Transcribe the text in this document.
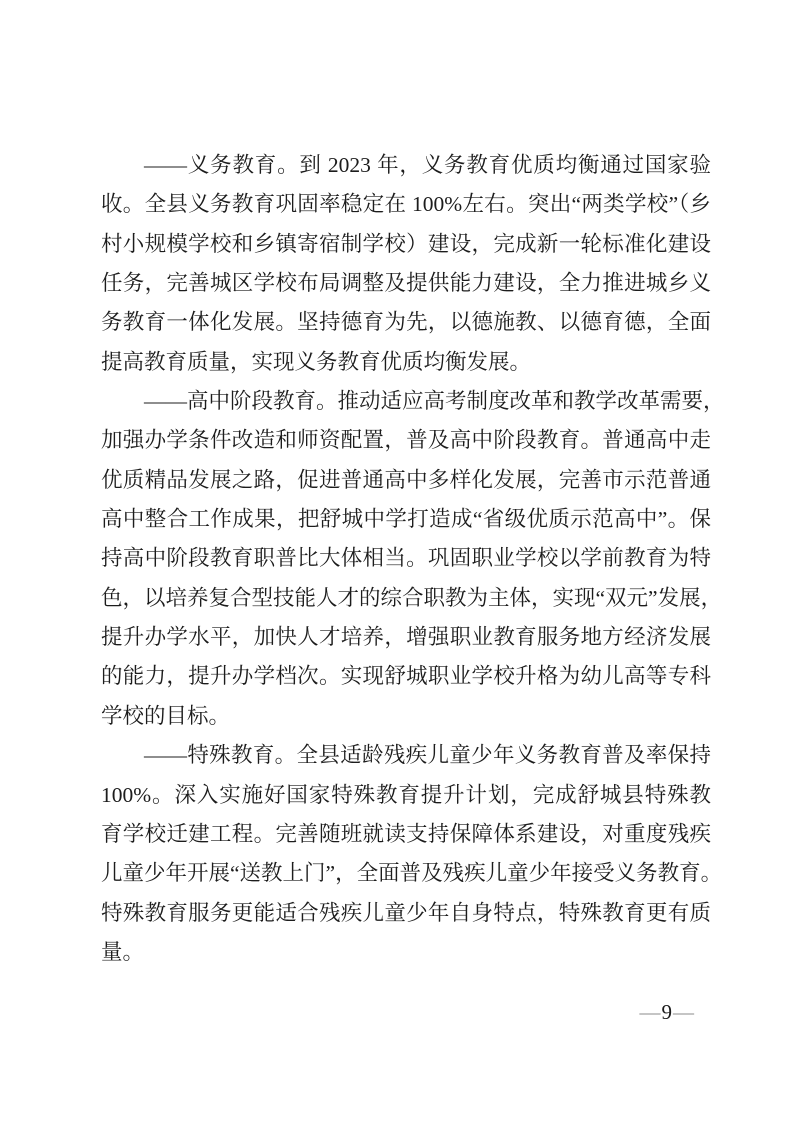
——义务教育。到 2023 年，义务教育优质均衡通过国家验
收。全县义务教育巩固率稳定在 100%左右。突出“两类学校”（乡
村小规模学校和乡镇寄宿制学校）建设，完成新一轮标准化建设
任务，完善城区学校布局调整及提供能力建设，全力推进城乡义
务教育一体化发展。坚持德育为先，以德施教、以德育德，全面
提高教育质量，实现义务教育优质均衡发展。
——高中阶段教育。推动适应高考制度改革和教学改革需要，
加强办学条件改造和师资配置，普及高中阶段教育。普通高中走
优质精品发展之路，促进普通高中多样化发展，完善市示范普通
高中整合工作成果，把舒城中学打造成“省级优质示范高中”。保
持高中阶段教育职普比大体相当。巩固职业学校以学前教育为特
色，以培养复合型技能人才的综合职教为主体，实现“双元”发展，
提升办学水平，加快人才培养，增强职业教育服务地方经济发展
的能力，提升办学档次。实现舒城职业学校升格为幼儿高等专科
学校的目标。
——特殊教育。全县适龄残疾儿童少年义务教育普及率保持
100%。深入实施好国家特殊教育提升计划，完成舒城县特殊教
育学校迁建工程。完善随班就读支持保障体系建设，对重度残疾
儿童少年开展“送教上门”，全面普及残疾儿童少年接受义务教育。
特殊教育服务更能适合残疾儿童少年自身特点，特殊教育更有质
量。
—9—
